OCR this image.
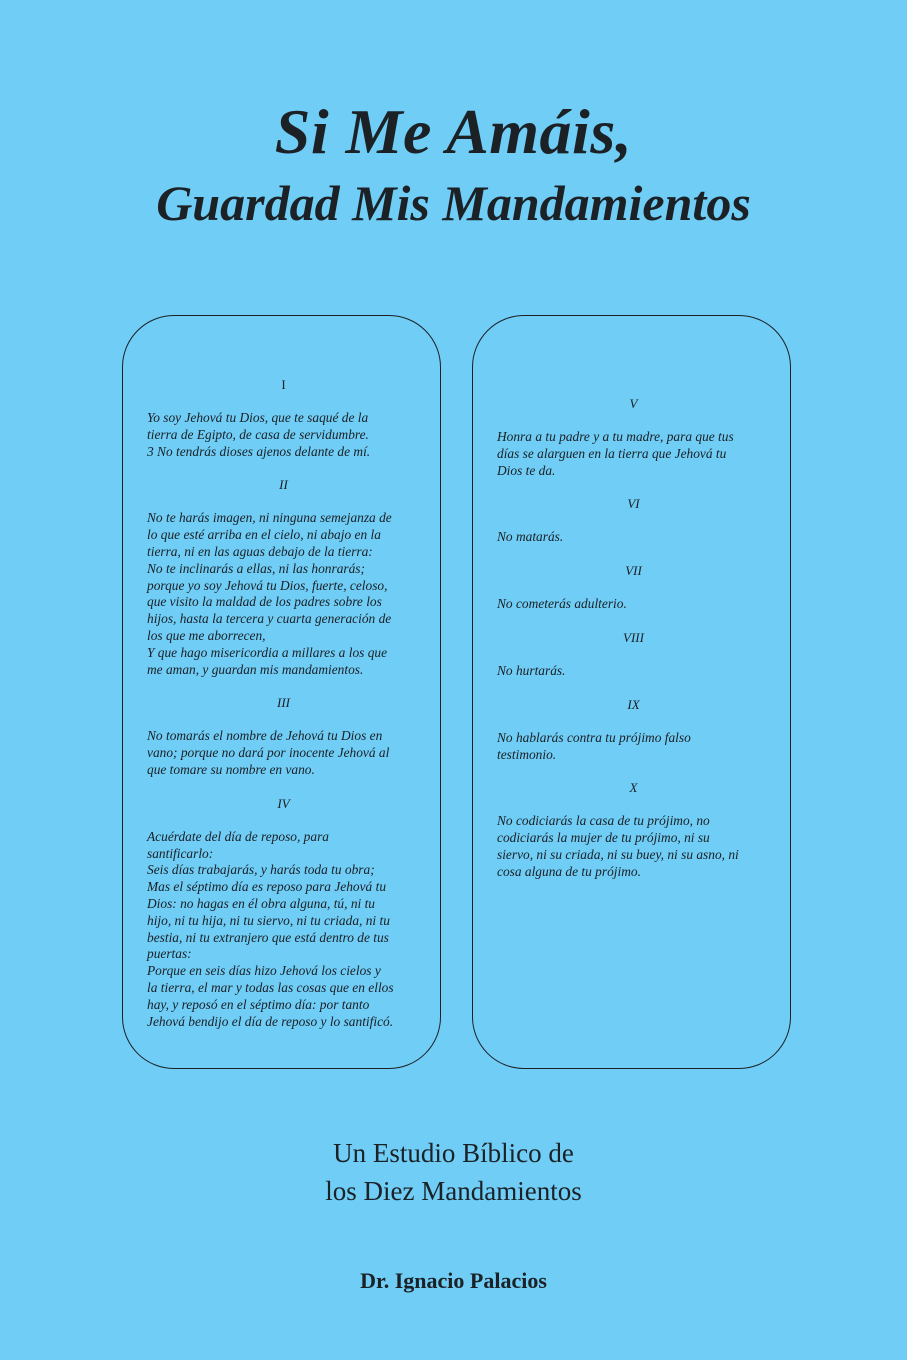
Si Me Amáis,
Guardad Mis Mandamientos
I
Yo soy Jehová tu Dios, que te saqué de la
tierra de Egipto, de casa de servidumbre.
3 No tendrás dioses ajenos delante de mí.
II
No te harás imagen, ni ninguna semejanza de
lo que esté arriba en el cielo, ni abajo en la
tierra, ni en las aguas debajo de la tierra:
No te inclinarás a ellas, ni las honrarás;
porque yo soy Jehová tu Dios, fuerte, celoso,
que visito la maldad de los padres sobre los
hijos, hasta la tercera y cuarta generación de
los que me aborrecen,
Y que hago misericordia a millares a los que
me aman, y guardan mis mandamientos.
III
No tomarás el nombre de Jehová tu Dios en
vano; porque no dará por inocente Jehová al
que tomare su nombre en vano.
IV
Acuérdate del día de reposo, para
santificarlo:
Seis días trabajarás, y harás toda tu obra;
Mas el séptimo día es reposo para Jehová tu
Dios: no hagas en él obra alguna, tú, ni tu
hijo, ni tu hija, ni tu siervo, ni tu criada, ni tu
bestia, ni tu extranjero que está dentro de tus
puertas:
Porque en seis días hizo Jehová los cielos y
la tierra, el mar y todas las cosas que en ellos
hay, y reposó en el séptimo día: por tanto
Jehová bendijo el día de reposo y lo santificó.
V
Honra a tu padre y a tu madre, para que tus
días se alarguen en la tierra que Jehová tu
Dios te da.
VI
No matarás.
VII
No cometerás adulterio.
VIII
No hurtarás.
IX
No hablarás contra tu prójimo falso
testimonio.
X
No codiciarás la casa de tu prójimo, no
codiciarás la mujer de tu prójimo, ni su
siervo, ni su criada, ni su buey, ni su asno, ni
cosa alguna de tu prójimo.
Un Estudio Bíblico de
los Diez Mandamientos
Dr. Ignacio Palacios
